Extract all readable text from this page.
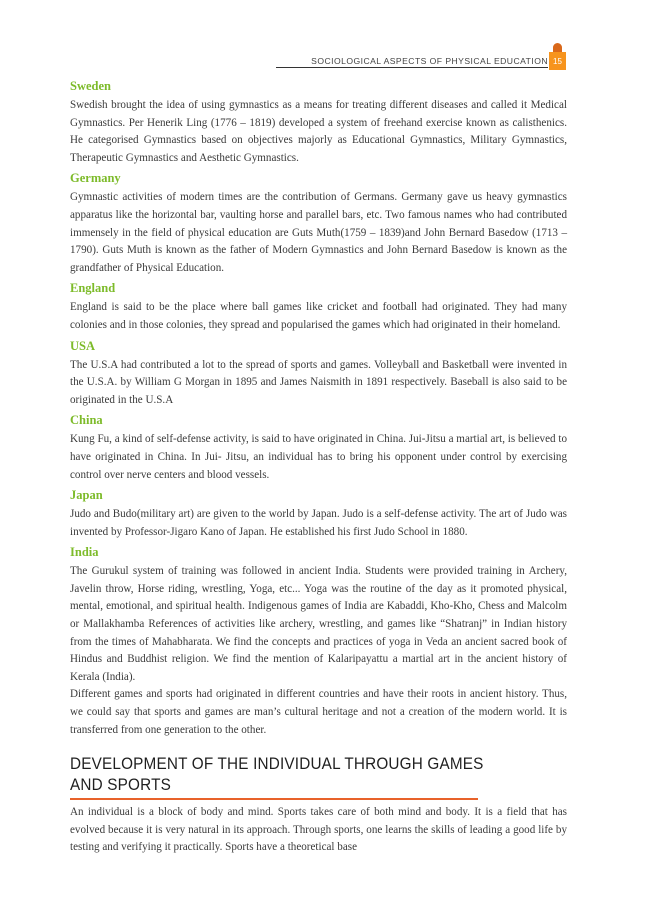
SOCIOLOGICAL ASPECTS OF PHYSICAL EDUCATION 15
Sweden

Swedish brought the idea of using gymnastics as a means for treating different diseases and called it Medical Gymnastics. Per Henerik Ling (1776 – 1819) developed a system of freehand exercise known as calisthenics. He categorised Gymnastics based on objectives majorly as Educational Gymnastics, Military Gymnastics, Therapeutic Gymnastics and Aesthetic Gymnastics.

Germany

Gymnastic activities of modern times are the contribution of Germans. Germany gave us heavy gymnastics apparatus like the horizontal bar, vaulting horse and parallel bars, etc. Two famous names who had contributed immensely in the field of physical education are Guts Muth(1759 – 1839)and John Bernard Basedow (1713 – 1790). Guts Muth is known as the father of Modern Gymnastics and John Bernard Basedow is known as the grandfather of Physical Education.

England

England is said to be the place where ball games like cricket and football had originated. They had many colonies and in those colonies, they spread and popularised the games which had originated in their homeland.

USA

The U.S.A had contributed a lot to the spread of sports and games. Volleyball and Basketball were invented in the U.S.A. by William G Morgan in 1895 and James Naismith in 1891 respectively. Baseball is also said to be originated in the U.S.A

China

Kung Fu, a kind of self-defense activity, is said to have originated in China. Jui-Jitsu a martial art, is believed to have originated in China. In Jui- Jitsu, an individual has to bring his opponent under control by exercising control over nerve centers and blood vessels.

Japan

Judo and Budo(military art) are given to the world by Japan. Judo is a self-defense activity. The art of Judo was invented by Professor-Jigaro Kano of Japan. He established his first Judo School in 1880.

India

The Gurukul system of training was followed in ancient India. Students were provided training in Archery, Javelin throw, Horse riding, wrestling, Yoga, etc... Yoga was the routine of the day as it promoted physical, mental, emotional, and spiritual health. Indigenous games of India are Kabaddi, Kho-Kho, Chess and Malcolm or Mallakhamba References of activities like archery, wrestling, and games like “Shatranj” in Indian history from the times of Mahabharata. We find the concepts and practices of yoga in Veda an ancient sacred book of Hindus and Buddhist religion. We find the mention of Kalaripayattu a martial art in the ancient history of Kerala (India).

Different games and sports had originated in different countries and have their roots in ancient history. Thus, we could say that sports and games are man’s cultural heritage and not a creation of the modern world. It is transferred from one generation to the other.

DEVELOPMENT OF THE INDIVIDUAL THROUGH GAMES
AND SPORTS

An individual is a block of body and mind. Sports takes care of both mind and body. It is a field that has evolved because it is very natural in its approach. Through sports, one learns the skills of leading a good life by testing and verifying it practically. Sports have a theoretical base
